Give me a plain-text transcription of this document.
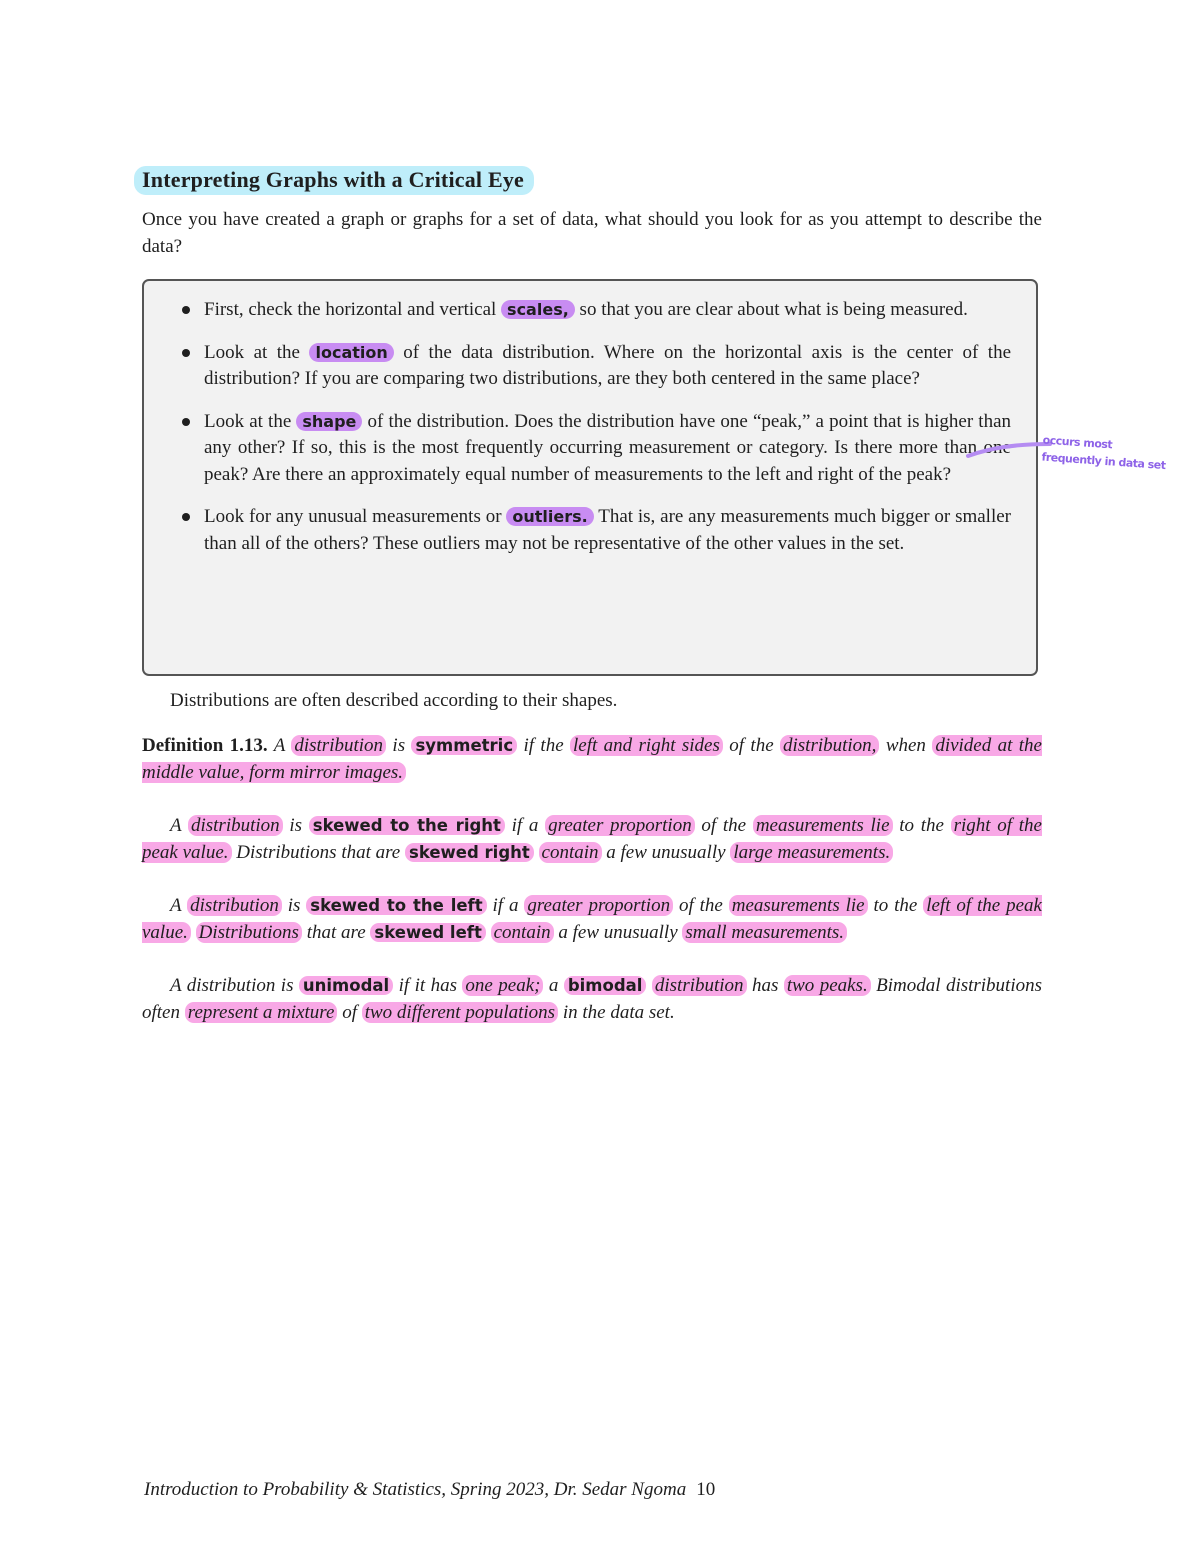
Interpreting Graphs with a Critical Eye
Once you have created a graph or graphs for a set of data, what should you look for as you attempt to describe the data?
First, check the horizontal and vertical scales, so that you are clear about what is being measured.
Look at the location of the data distribution. Where on the horizontal axis is the center of the distribution? If you are comparing two distributions, are they both centered in the same place?
Look at the shape of the distribution. Does the distribution have one “peak,” a point that is higher than any other? If so, this is the most frequently occurring measurement or category. Is there more than one peak? Are there an approximately equal number of measurements to the left and right of the peak?
Look for any unusual measurements or outliers. That is, are any measurements much bigger or smaller than all of the others? These outliers may not be representative of the other values in the set.
occurs most frequently in data set
Distributions are often described according to their shapes.

Definition 1.13. A distribution is symmetric if the left and right sides of the distribution, when divided at the middle value, form mirror images.

A distribution is skewed to the right if a greater proportion of the measurements lie to the right of the peak value. Distributions that are skewed right contain a few unusually large measurements.

A distribution is skewed to the left if a greater proportion of the measurements lie to the left of the peak value. Distributions that are skewed left contain a few unusually small measurements.

A distribution is unimodal if it has one peak; a bimodal distribution has two peaks. Bimodal distributions often represent a mixture of two different populations in the data set.

Introduction to Probability & Statistics, Spring 2023, Dr. Sedar Ngoma 10
